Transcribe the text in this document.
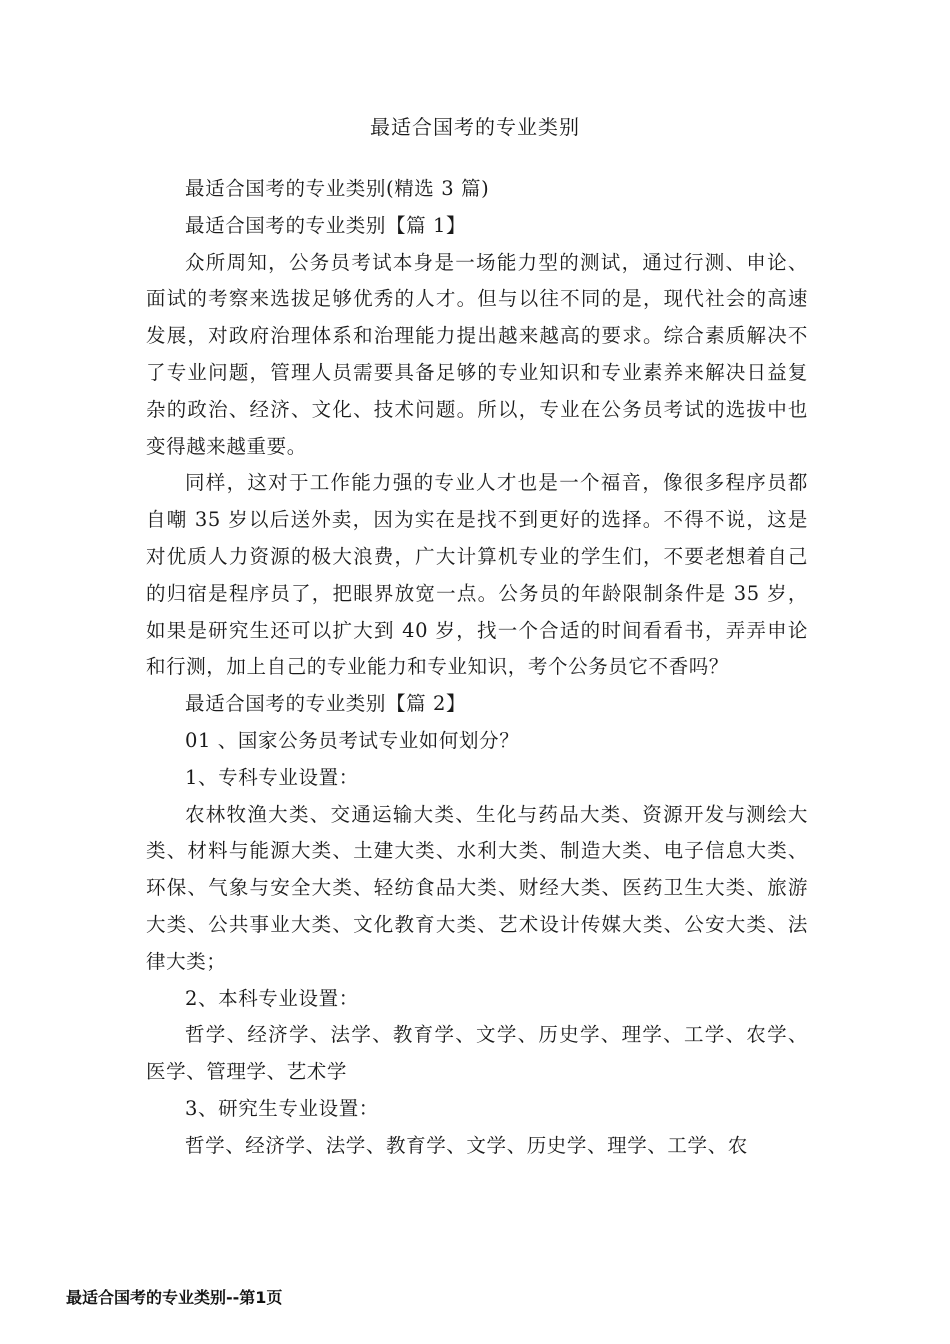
最适合国考的专业类别

最适合国考的专业类别(精选 3 篇)

最适合国考的专业类别【篇 1】

众所周知，公务员考试本身是一场能力型的测试，通过行测、申论、面试的考察来选拔足够优秀的人才。但与以往不同的是，现代社会的高速发展，对政府治理体系和治理能力提出越来越高的要求。综合素质解决不了专业问题，管理人员需要具备足够的专业知识和专业素养来解决日益复杂的政治、经济、文化、技术问题。所以，专业在公务员考试的选拔中也变得越来越重要。

同样，这对于工作能力强的专业人才也是一个福音，像很多程序员都自嘲 35 岁以后送外卖，因为实在是找不到更好的选择。不得不说，这是对优质人力资源的极大浪费，广大计算机专业的学生们，不要老想着自己的归宿是程序员了，把眼界放宽一点。公务员的年龄限制条件是 35 岁，如果是研究生还可以扩大到 40 岁，找一个合适的时间看看书，弄弄申论和行测，加上自己的专业能力和专业知识，考个公务员它不香吗？

最适合国考的专业类别【篇 2】

01 、国家公务员考试专业如何划分？

1、专科专业设置：

农林牧渔大类、交通运输大类、生化与药品大类、资源开发与测绘大类、材料与能源大类、土建大类、水利大类、制造大类、电子信息大类、环保、气象与安全大类、轻纺食品大类、财经大类、医药卫生大类、旅游大类、公共事业大类、文化教育大类、艺术设计传媒大类、公安大类、法律大类；

2、本科专业设置：

哲学、经济学、法学、教育学、文学、历史学、理学、工学、农学、医学、管理学、艺术学

3、研究生专业设置：

哲学、经济学、法学、教育学、文学、历史学、理学、工学、农

最适合国考的专业类别--第1页
